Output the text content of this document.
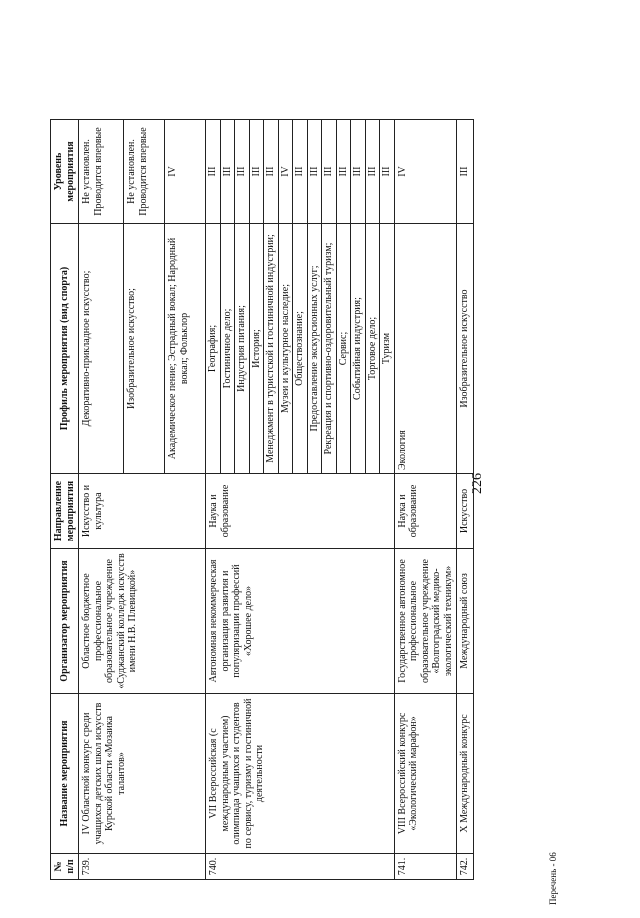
226
№ п/п	Название мероприятия	Организатор мероприятия	Направление мероприятия	Профиль мероприятия (вид спорта)	Уровень мероприятия
739.	IV Областной конкурс среди учащихся детских школ искусств Курской области «Мозаика талантов»	Областное бюджетное профессиональное образовательное учреждение «Суджанский колледж искусств имени Н.В. Плевицкой»	Искусство и культура	Декоративно-прикладное искусство;	Не установлен. Проводится впервые
				Изобразительное искусство;	Не установлен. Проводится впервые
				Академическое пение; Эстрадный вокал; Народный вокал; Фольклор	IV
740.	VII Всероссийская (с международным участием) олимпиада учащихся и студентов по сервису, туризму и гостиничной деятельности	Автономная некоммерческая организация развития и популяризации профессий «Хорошее дело»	Наука и образование	География;	III
				Гостиничное дело;	III
				Индустрия питания;	III
				История;	III
				Менеджмент в туристской и гостиничной индустрии;	III
				Музеи и культурное наследие;	IV
				Обществознание;	III
				Предоставление экскурсионных услуг;	III
				Рекреация и спортивно-оздоровительный туризм;	III
				Сервис;	III
				Событийная индустрия;	III
				Торговое дело;	III
				Туризм	III
741.	VIII Всероссийский конкурс «Экологический марафон»	Государственное автономное профессиональное образовательное учреждение «Волгоградский медико-экологический техникум»	Наука и образование	Экология	IV
742.	X Международный конкурс	Международный союз	Искусство	Изобразительное искусство	III
Перечень - 06
